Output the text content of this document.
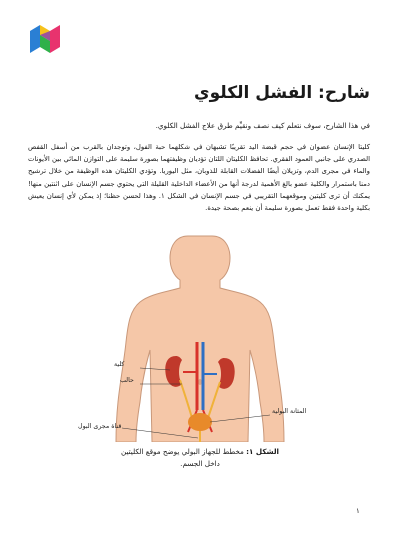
شارح: الفشل الكلوي

في هذا الشارح، سوف نتعلم كيف نصف ونقيِّم طرق علاج الفشل الكلوي.

كليتا الإنسان عضوان في حجم قبضة اليد تقريبًا تشبهان في شكلهما حبة الفول، وتوجدان بالقرب من أسفل القفص الصدري على جانبي العمود الفقري. تحافظ الكليتان اللتان تؤديان وظيفتهما بصورة سليمة على التوازن المائي بين الأيونات والماء في مجرى الدم، وتزيلان أيضًا الفضلات القابلة للذوبان، مثل اليوريا. وتؤدي الكليتان هذه الوظيفة من خلال ترشيح دمنا باستمرار والكلية عضو بالغ الأهمية لدرجة أنها من الأعضاء الداخلية القليلة التي يحتوي جسم الإنسان على اثنتين منها! يمكنك أن ترى كليتين وموقعهما التقريبي في جسم الإنسان في الشكل ١. وهذا لحسن حظنا؛ إذ يمكن لأي إنسان يعيش بكلية واحدة فقط تعمل بصورة سليمة أن ينعم بصحة جيدة.

كلية
حالب
المثانة البولية
قناة مجرى البول

الشكل ١: مخطط للجهاز البولي يوضح موقع الكليتين داخل الجسم.

١
